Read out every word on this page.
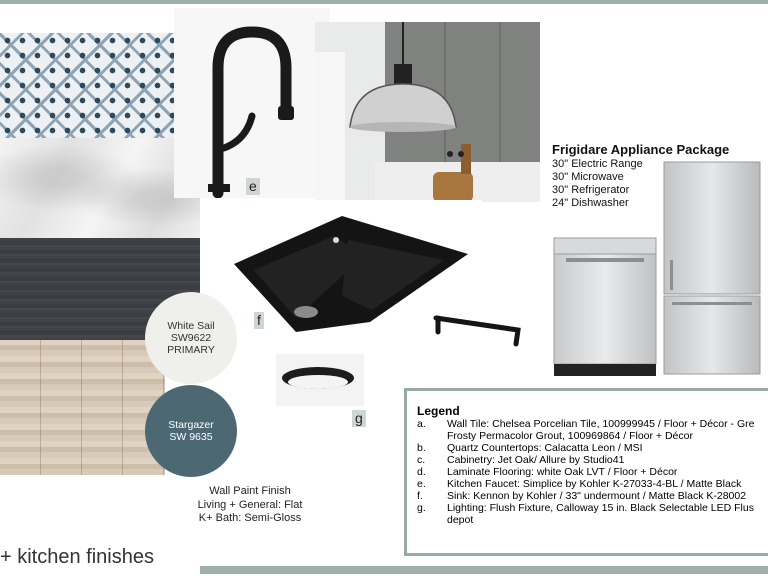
e
f
g
White Sail
SW9622
PRIMARY
Stargazer
SW 9635
Wall Paint Finish
Living + General: Flat
K+ Bath: Semi-Gloss
Frigidare Appliance Package
30" Electric Range
30" Microwave
30" Refrigerator
24" Dishwasher
Legend
a.	Wall Tile: Chelsea Porcelian Tile, 100999945 / Floor + Décor - Gre
Frosty Permacolor Grout, 100969864 / Floor + Décor
b.	Quartz Countertops: Calacatta Leon / MSI
c.	Cabinetry: Jet Oak/ Allure by Studio41
d.	Laminate Flooring: white Oak LVT / Floor + Décor
e.	Kitchen Faucet: Simplice by Kohler K-27033-4-BL / Matte Black
f.	Sink: Kennon by Kohler / 33" undermount / Matte Black K-28002
g.	Lighting: Flush Fixture, Calloway 15 in. Black Selectable LED Flus
depot
+ kitchen finishes
